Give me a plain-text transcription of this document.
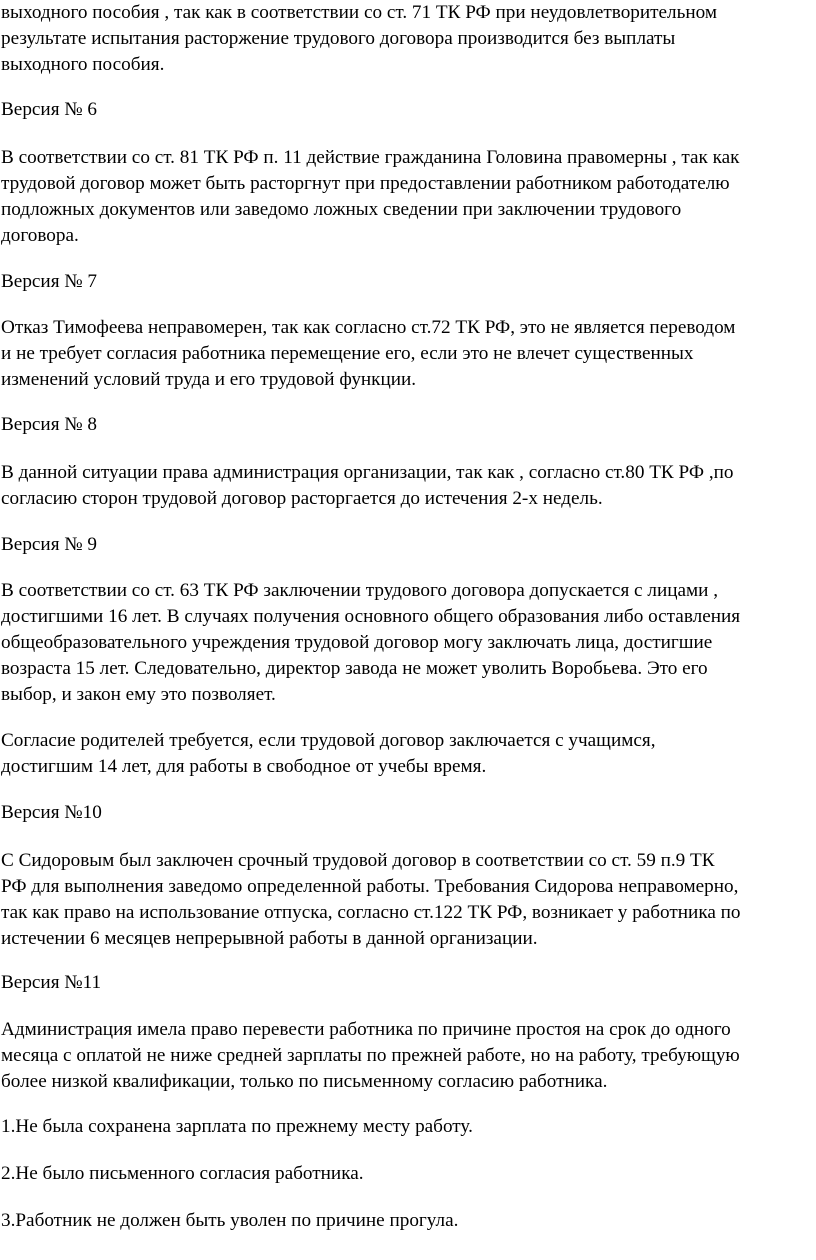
выходного пособия , так как в соответствии со ст. 71 ТК РФ при неудовлетворительном
результате испытания расторжение трудового договора производится без выплаты
выходного пособия.
Версия № 6
В соответствии со ст. 81 ТК РФ п. 11 действие гражданина Головина правомерны , так как
трудовой договор может быть расторгнут при предоставлении работником работодателю
подложных документов или заведомо ложных сведении при заключении трудового
договора.
Версия № 7
Отказ Тимофеева неправомерен, так как согласно ст.72 ТК РФ, это не является переводом
и не требует согласия работника перемещение его, если это не влечет существенных
изменений условий труда и его трудовой функции.
Версия № 8
В данной ситуации права администрация организации, так как , согласно ст.80 ТК РФ ,по
согласию сторон трудовой договор расторгается до истечения 2-х недель.
Версия № 9
В соответствии со ст. 63 ТК РФ заключении трудового договора допускается с лицами ,
достигшими 16 лет. В случаях получения основного общего образования либо оставления
общеобразовательного учреждения трудовой договор могу заключать лица, достигшие
возраста 15 лет. Следовательно, директор завода не может уволить Воробьева. Это его
выбор, и закон ему это позволяет.
Согласие родителей требуется, если трудовой договор заключается с учащимся,
достигшим 14 лет, для работы в свободное от учебы время.
Версия №10
С Сидоровым был заключен срочный трудовой договор в соответствии со ст. 59 п.9 ТК
РФ для выполнения заведомо определенной работы. Требования Сидорова неправомерно,
так как право на использование отпуска, согласно ст.122 ТК РФ, возникает у работника по
истечении 6 месяцев непрерывной работы в данной организации.
Версия №11
Администрация имела право перевести работника по причине простоя на срок до одного
месяца с оплатой не ниже средней зарплаты по прежней работе, но на работу, требующую
более низкой квалификации, только по письменному согласию работника.
1.Не была сохранена зарплата по прежнему месту работу.
2.Не было письменного согласия работника.
3.Работник не должен быть уволен по причине прогула.
